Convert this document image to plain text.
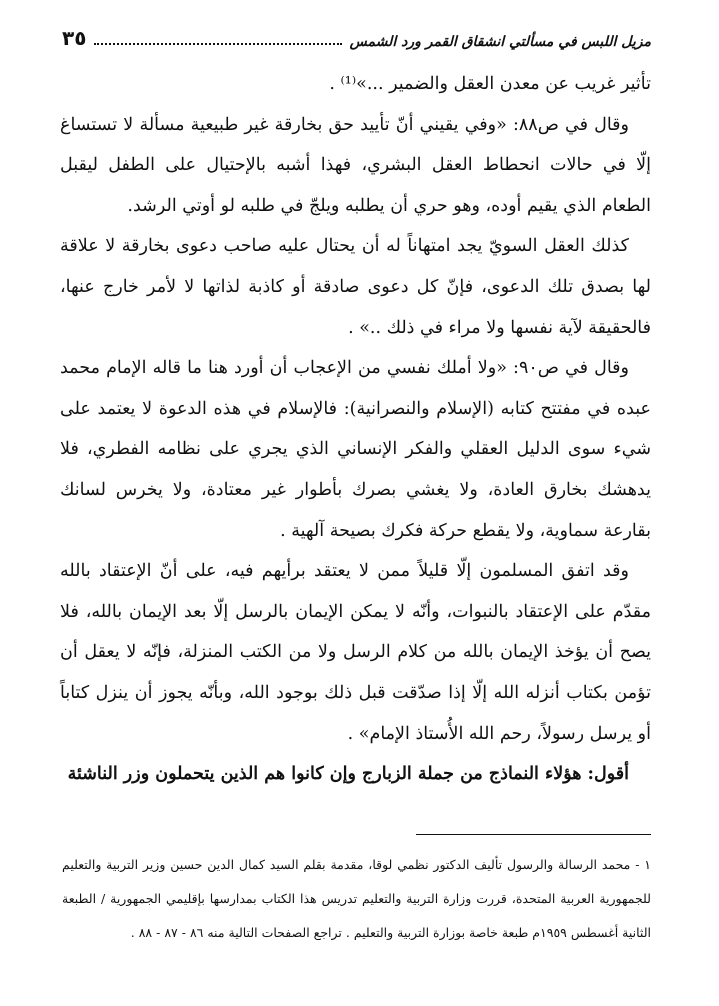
مزيل اللبس في مسألتي انشقاق القمر ورد الشمس
٣٥

تأثير غريب عن معدن العقل والضمير ...»⁽¹⁾ .

وقال في ص٨٨: «وفي يقيني أنّ تأييد حق بخارقة غير طبيعية مسألة لا تستساغ إلّا في حالات انحطاط العقل البشري، فهذا أشبه بالإحتيال على الطفل ليقبل الطعام الذي يقيم أوده، وهو حري أن يطلبه ويلجّ في طلبه لو أوتي الرشد.

كذلك العقل السويّ يجد امتهاناً له أن يحتال عليه صاحب دعوى بخارقة لا علاقة لها بصدق تلك الدعوى، فإنّ كل دعوى صادقة أو كاذبة لذاتها لا لأمر خارج عنها، فالحقيقة لآية نفسها ولا مراء في ذلك ..» .

وقال في ص٩٠: «ولا أملك نفسي من الإعجاب أن أورد هنا ما قاله الإمام محمد عبده في مفتتح كتابه (الإسلام والنصرانية): فالإسلام في هذه الدعوة لا يعتمد على شيء سوى الدليل العقلي والفكر الإنساني الذي يجري على نظامه الفطري، فلا يدهشك بخارق العادة، ولا يغشي بصرك بأطوار غير معتادة، ولا يخرس لسانك بقارعة سماوية، ولا يقطع حركة فكرك بصيحة آلهية .

وقد اتفق المسلمون إلّا قليلاً ممن لا يعتقد برأيهم فيه، على أنّ الإعتقاد بالله مقدّم على الإعتقاد بالنبوات، وأنّه لا يمكن الإيمان بالرسل إلّا بعد الإيمان بالله، فلا يصح أن يؤخذ الإيمان بالله من كلام الرسل ولا من الكتب المنزلة، فإنّه لا يعقل أن تؤمن بكتاب أنزله الله إلّا إذا صدّقت قبل ذلك بوجود الله، وبأنّه يجوز أن ينزل كتاباً أو يرسل رسولاً، رحم الله الأُستاذ الإمام» .

أقول: هؤلاء النماذج من جملة الزبارج وإن كانوا هم الذين يتحملون وزر الناشئة

١ - محمد الرسالة والرسول تأليف الدكتور نظمي لوقا، مقدمة بقلم السيد كمال الدين حسين وزير التربية والتعليم للجمهورية العربية المتحدة، قررت وزارة التربية والتعليم تدريس هذا الكتاب بمدارسها بإقليمي الجمهورية / الطبعة الثانية أغسطس ١٩٥٩م طبعة خاصة بوزارة التربية والتعليم . تراجع الصفحات التالية منه ٨٦ - ٨٧ - ٨٨ .
